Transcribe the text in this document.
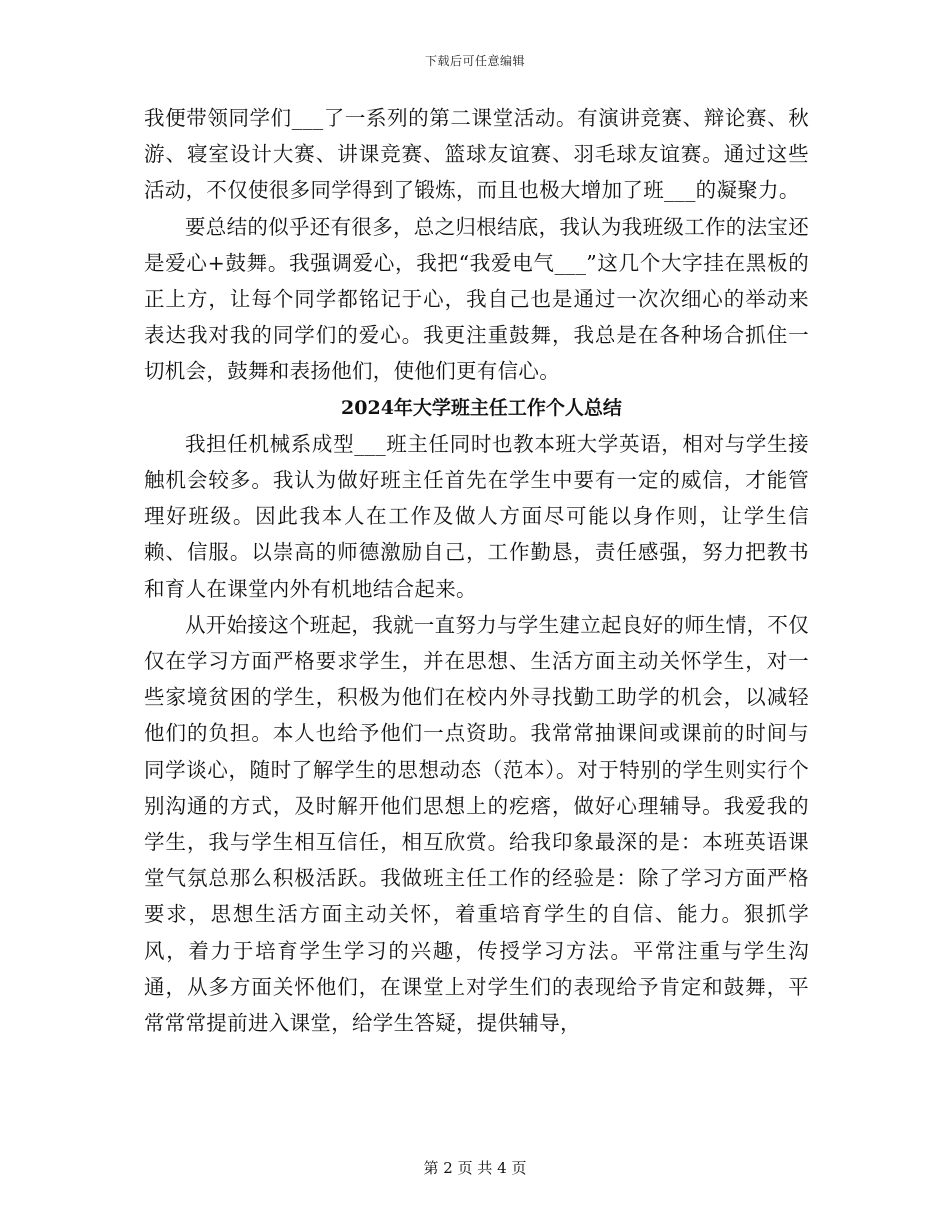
下载后可任意编辑

我便带领同学们___了一系列的第二课堂活动。有演讲竞赛、辩论赛、秋游、寝室设计大赛、讲课竞赛、篮球友谊赛、羽毛球友谊赛。通过这些活动，不仅使很多同学得到了锻炼，而且也极大增加了班___的凝聚力。

要总结的似乎还有很多，总之归根结底，我认为我班级工作的法宝还是爱心+鼓舞。我强调爱心，我把“我爱电气___”这几个大字挂在黑板的正上方，让每个同学都铭记于心，我自己也是通过一次次细心的举动来表达我对我的同学们的爱心。我更注重鼓舞，我总是在各种场合抓住一切机会，鼓舞和表扬他们，使他们更有信心。

2024年大学班主任工作个人总结

我担任机械系成型___班主任同时也教本班大学英语，相对与学生接触机会较多。我认为做好班主任首先在学生中要有一定的威信，才能管理好班级。因此我本人在工作及做人方面尽可能以身作则，让学生信赖、信服。以崇高的师德激励自己，工作勤恳，责任感强，努力把教书和育人在课堂内外有机地结合起来。

从开始接这个班起，我就一直努力与学生建立起良好的师生情，不仅仅在学习方面严格要求学生，并在思想、生活方面主动关怀学生，对一些家境贫困的学生，积极为他们在校内外寻找勤工助学的机会，以减轻他们的负担。本人也给予他们一点资助。我常常抽课间或课前的时间与同学谈心，随时了解学生的思想动态（范本）。对于特别的学生则实行个别沟通的方式，及时解开他们思想上的疙瘩，做好心理辅导。我爱我的学生，我与学生相互信任，相互欣赏。给我印象最深的是：本班英语课堂气氛总那么积极活跃。我做班主任工作的经验是：除了学习方面严格要求，思想生活方面主动关怀，着重培育学生的自信、能力。狠抓学风，着力于培育学生学习的兴趣，传授学习方法。平常注重与学生沟通，从多方面关怀他们，在课堂上对学生们的表现给予肯定和鼓舞，平常常常提前进入课堂，给学生答疑，提供辅导，

第 2 页 共 4 页
